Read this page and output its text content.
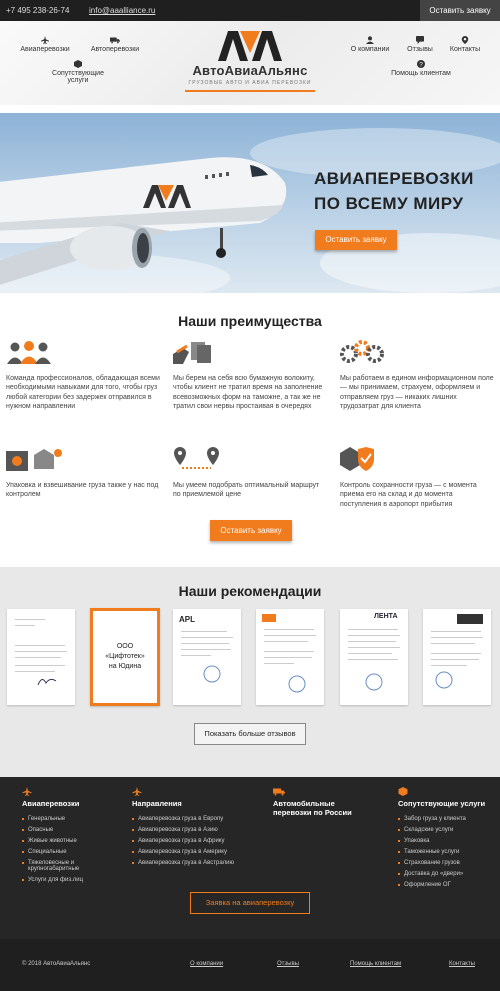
+7 495 238-26-74 info@aaalliance.ru	Оставить заявку
Авиаперевозки	Автоперевозки
Сопутствующие услуги
АвтоАвиаАльянс
ГРУЗОВЫЕ АВТО И АВИА ПЕРЕВОЗКИ
О компании	Отзывы	Контакты
?
Помощь клиентам
АВИАПЕРЕВОЗКИ
ПО ВСЕМУ МИРУ
Оставить заявку
Наши преимущества
Команда профессионалов, обладающая всеми необходимыми навыками для того, чтобы груз любой категории без задержек отправился в нужном направлении
Мы берем на себя всю бумажную волокиту, чтобы клиент не тратил время на заполнение всевозможных форм на таможне, а так же не тратил свои нервы простаивая в очередях
Мы работаем в едином информационном поле — мы принимаем, страхуем, оформляем и отправляем груз — никаких лишних трудозатрат для клиента
Упаковка и взвешивание груза также у нас под контролем
Мы умеем подобрать оптимальный маршрут по приемлемой цене
Контроль сохранности груза — с момента приема его на склад и до момента поступления в аэропорт прибытия
Оставить заявку
Наши рекомендации
ООО «Цифтотек» на Юдина
APL	ЛЕНТА
Показать больше отзывов
Авиаперевозки
Генеральные
Опасные
Живые животные
Специальные
Тяжеловесные и крупногабаритные
Услуги для физ.лиц
Направления
Авиаперевозка груза в Европу
Авиаперевозка груза в Азию
Авиаперевозка груза в Африку
Авиаперевозка груза в Америку
Авиаперевозка груза в Австралию
Автомобильные перевозки по России
Сопутствующие услуги
Забор груза у клиента
Складские услуги
Упаковка
Таможенные услуги
Страхование грузов
Доставка до «двери»
Оформление ОГ
Заявка на авиаперевозку
© 2018 АвтоАвиаАльянс	О компании	Отзывы	Помощь клиентам	Контакты
